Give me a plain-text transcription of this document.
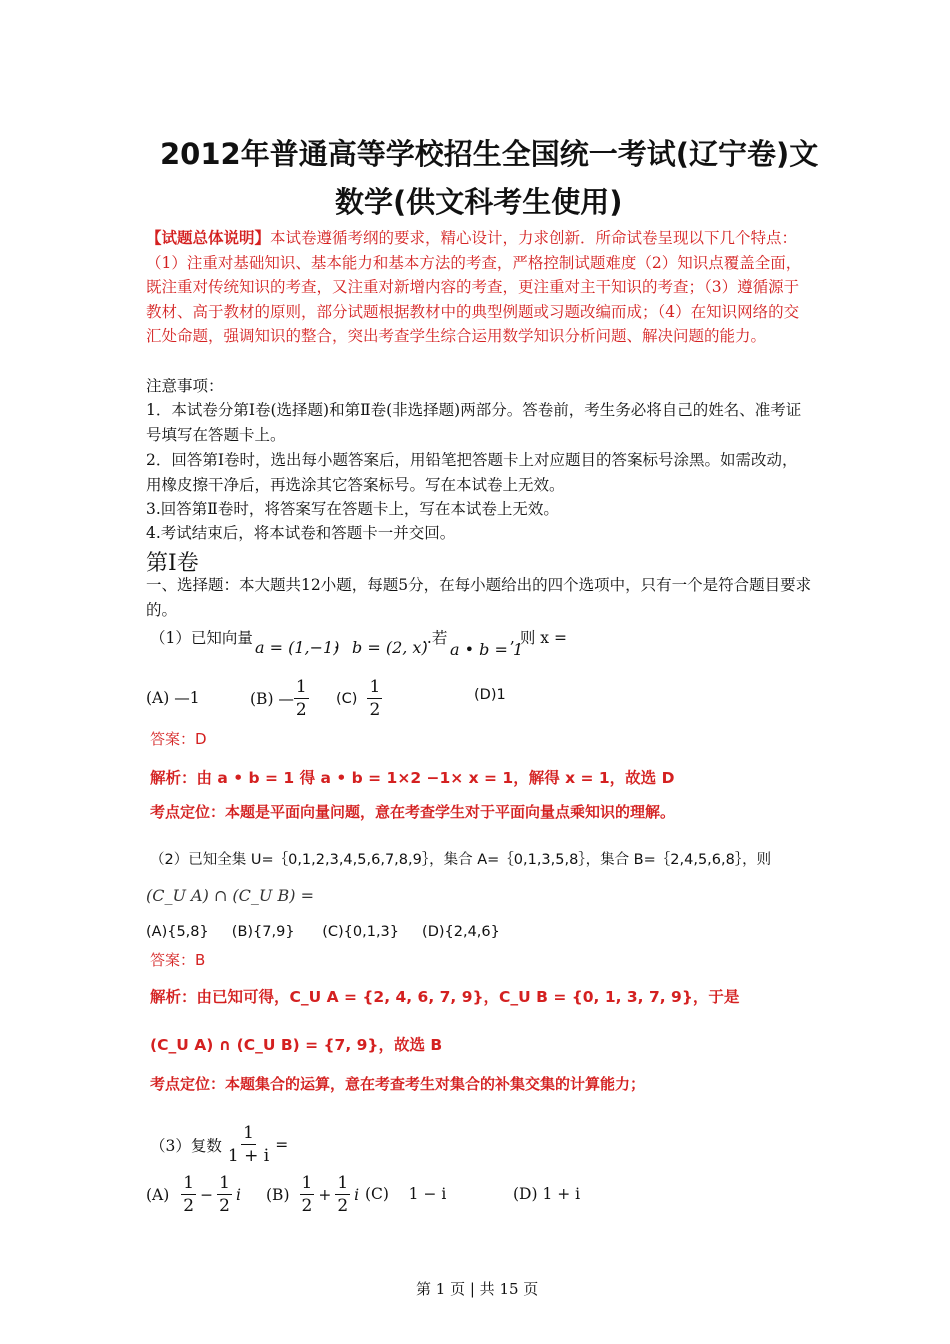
2012年普通高等学校招生全国统一考试(辽宁卷)文
数学(供文科考生使用)
【试题总体说明】本试卷遵循考纲的要求，精心设计，力求创新．所命试卷呈现以下几个特点：（1）注重对基础知识、基本能力和基本方法的考查，严格控制试题难度（2）知识点覆盖全面，既注重对传统知识的考查，又注重对新增内容的考查，更注重对主干知识的考查；（3）遵循源于教材、高于教材的原则，部分试题根据教材中的典型例题或习题改编而成；（4）在知识网络的交汇处命题，强调知识的整合，突出考查学生综合运用数学知识分析问题、解决问题的能力。
注意事项：
1．本试卷分第Ⅰ卷(选择题)和第Ⅱ卷(非选择题)两部分。答卷前，考生务必将自己的姓名、准考证号填写在答题卡上。
2．回答第Ⅰ卷时，选出每小题答案后，用铅笔把答题卡上对应题目的答案标号涂黑。如需改动，用橡皮擦干净后，再选涂其它答案标号。写在本试卷上无效。
3.回答第Ⅱ卷时，将答案写在答题卡上，写在本试卷上无效。
4.考试结束后，将本试卷和答题卡一并交回。
第Ⅰ卷
一、选择题：本大题共12小题，每题5分，在每小题给出的四个选项中，只有一个是符合题目要求的。
（1）已知向量 a = (1,−1)
， b = (2, x)
..若
a • b = 1
, 则 x =
(A) —1	(B) — $\frac{1}{2} (C) \frac{1}{2}$	(D)1
答案：D
解析：由 a • b = 1 得 a • b = 1×2 −1× x = 1，解得 x = 1，故选 D
考点定位：本题是平面向量问题，意在考查学生对于平面向量点乘知识的理解。
（2）已知全集 U=｛0,1,2,3,4,5,6,7,8,9｝，集合 A=｛0,1,3,5,8｝，集合 B=｛2,4,5,6,8｝，则
(C_U A) ∩ (C_U B) =
(A){5,8}     (B){7,9}      (C){0,1,3}     (D){2,4,6}
答案：B
解析：由已知可得，C_U A = {2, 4, 6, 7, 9}，C_U B = {0, 1, 3, 7, 9}，于是
(C_U A) ∩ (C_U B) = {7, 9}，故选 B
考点定位：本题集合的运算，意在考查考生对集合的补集交集的计算能力；
（3）复数 $\frac{1}{1 + i}$ =
$(A) \frac{1}{2} - \frac{1}{2}$ i $(B) \frac{1}{2} + \frac{1}{2}$ i (C)    1 − i	(D) 1 + i
第 1 页 | 共 15 页
